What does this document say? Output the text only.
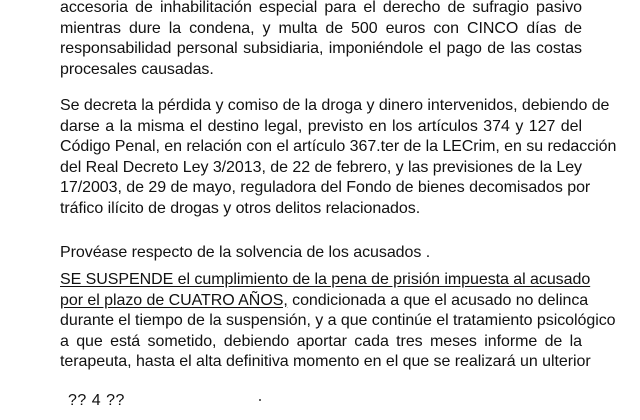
accesoria de inhabilitación especial para el derecho de sufragio pasivo
mientras dure la condena, y multa de 500 euros con CINCO días de
responsabilidad personal subsidiaria, imponiéndole el pago de las costas
procesales causadas.
Se decreta la pérdida y comiso de la droga y dinero intervenidos, debiendo de
darse a la misma el destino legal, previsto en los artículos 374 y 127 del
Código Penal, en relación con el artículo 367.ter de la LECrim, en su redacción
del Real Decreto Ley 3/2013, de 22 de febrero, y las previsiones de la Ley
17/2003, de 29 de mayo, reguladora del Fondo de bienes decomisados por
tráfico ilícito de drogas y otros delitos relacionados.
Provéase respecto de la solvencia de los acusados .
SE SUSPENDE el cumplimiento de la pena de prisión impuesta al acusado
por el plazo de CUATRO AÑOS, condicionada a que el acusado no delinca
durante el tiempo de la suspensión, y a que continúe el tratamiento psicológico
a que está sometido, debiendo aportar cada tres meses informe de la
terapeuta, hasta el alta definitiva momento en el que se realizará un ulterior
?? 4 ??
